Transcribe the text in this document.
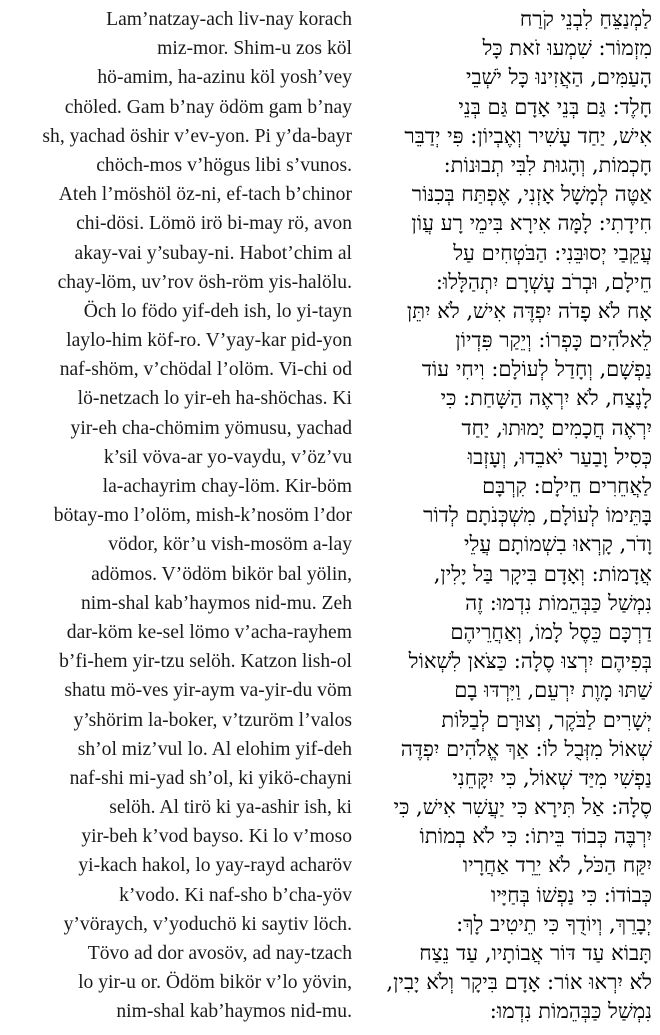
Lam’natzay-ach liv-nay korach
miz-mor. Shim-u zos köl
hö-amim, ha-azinu köl yosh’vey
chöled. Gam b’nay ödöm gam b’nay
sh, yachad öshir v’ev-yon. Pi y’da-bayr
chöch-mos v’högus libi s’vunos.
Ateh l’möshöl öz-ni, ef-tach b’chinor
chi-dösi. Lömö irö bi-may rö, avon
akay-vai y’subay-ni. Habot’chim al
chay-löm, uv’rov ösh-röm yis-halölu.
Öch lo födo yif-deh ish, lo yi-tayn
laylo-him köf-ro. V’yay-kar pid-yon
naf-shöm, v’chödal l’olöm. Vi-chi od
lö-netzach lo yir-eh ha-shöchas. Ki
yir-eh cha-chömim yömusu, yachad
k’sil vöva-ar yo-vaydu, v’öz’vu
la-achayrim chay-löm. Kir-böm
bötay-mo l’olöm, mish-k’nosöm l’dor
vödor, kör’u vish-mosöm a-lay
adömos. V’ödöm bikör bal yölin,
nim-shal kab’haymos nid-mu. Zeh
dar-köm ke-sel lömo v’acha-rayhem
b’fi-hem yir-tzu selöh. Katzon lish-ol
shatu mö-ves yir-aym va-yir-du vöm
y’shörim la-boker, v’tzuröm l’valos
sh’ol miz’vul lo. Al elohim yif-deh
naf-shi mi-yad sh’ol, ki yikö-chayni
selöh. Al tirö ki ya-ashir ish, ki
yir-beh k’vod bayso. Ki lo v’moso
yi-kach hakol, lo yay-rayd acharöv
k’vodo. Ki naf-sho b’cha-yöv
y’vöraych, v’yoduchö ki saytiv löch.
Tövo ad dor avosöv, ad nay-tzach
lo yir-u or. Ödöm bikör v’lo yövin,
nim-shal kab’haymos nid-mu.
לַמְנַצֵּחַ לִבְנֵי קֹרַח
מִזְמוֹר: שִׁמְעוּ זֹאת כָּל
הָעַמִּים, הַאֲזִינוּ כָּל יֹשְׁבֵי
חָלֶד: גַּם בְּנֵי אָדָם גַּם בְּנֵי
אִישׁ, יַחַד עָשִׁיר וְאֶבְיוֹן: פִּי יְדַבֵּר
חָכְמוֹת, וְהָגוּת לִבִּי תְבוּנוֹת:
אַטֶּה לְמָשָׁל אָזְנִי, אֶפְתַּח בְּכִנּוֹר
חִידָתִי: לָמָּה אִירָא בִּימֵי רָע עֲוֹן
עֲקֵבַי יְסוּבֵּנִי: הַבֹּטְחִים עַל
חֵילָם, וּבְרֹב עָשְׁרָם יִתְהַלָּלוּ:
אָח לֹא פָדֹה יִפְדֶּה אִישׁ, לֹא יִתֵּן
לֵאלֹהִים כָּפְרוֹ: וְיֵקַר פִּדְיוֹן
נַפְשָׁם, וְחָדַל לְעוֹלָם: וִיחִי עוֹד
לָנֶצַח, לֹא יִרְאֶה הַשָּׁחַת: כִּי
יִרְאֶה חֲכָמִים יָמוּתוּ, יַחַד
כְּסִיל וָבַעַר יֹאבֵדוּ, וְעָזְבוּ
לַאֲחֵרִים חֵילָם: קִרְבָּם
בָּתֵּימוֹ לְעוֹלָם, מִשְׁכְּנֹתָם לְדוֹר
וָדֹר, קָרְאוּ בִשְׁמוֹתָם עֲלֵי
אֲדָמוֹת: וְאָדָם בִּיקָר בַּל יָלִין,
נִמְשַׁל כַּבְּהֵמוֹת נִדְמוּ: זֶה
דַרְכָּם כֵּסֶל לָמוֹ, וְאַחֲרֵיהֶם
בְּפִיהֶם יִרְצוּ סֶלָה: כַּצֹּאן לִשְׁאוֹל
שַׁתּוּ מָוֶת יִרְעֵם, וַיִּרְדּוּ בָם
יְשָׁרִים לַבֹּקֶר, וְצוּרָם לְבַלּוֹת
שְׁאוֹל מִזְּבֻל לוֹ: אַךְ אֱלֹהִים יִפְדֶּה
נַפְשִׁי מִיַּד שְׁאוֹל, כִּי יִקָּחֵנִי
סֶלָה: אַל תִּירָא כִּי יַעֲשִׁר אִישׁ, כִּי
יִרְבֶּה כְּבוֹד בֵּיתוֹ: כִּי לֹא בְמוֹתוֹ
יִקַּח הַכֹּל, לֹא יֵרֵד אַחֲרָיו
כְּבוֹדוֹ: כִּי נַפְשׁוֹ בְּחַיָּיו
יְבָרֵךְ, וְיוֹדֻךָ כִּי תֵיטִיב לָךְ:
תָּבוֹא עַד דּוֹר אֲבוֹתָיו, עַד נֵצַח
לֹא יִרְאוּ אוֹר: אָדָם בִּיקָר וְלֹא יָבִין,
נִמְשַׁל כַּבְּהֵמוֹת נִדְמוּ:
